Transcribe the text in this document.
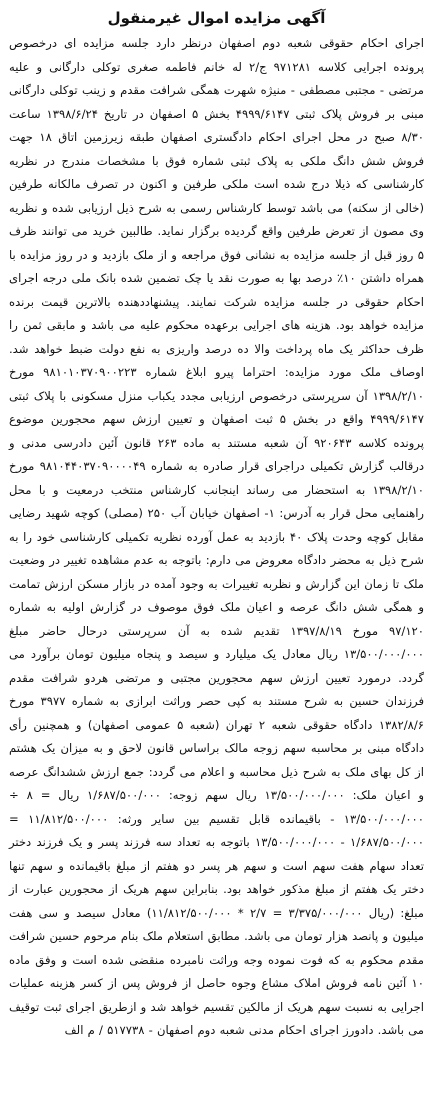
آگهی مزایده اموال غیرمنقول

اجرای احکام حقوقی شعبه دوم اصفهان درنظر دارد جلسه مزایده ای درخصوص پرونده اجرایی کلاسه ۹۷۱۲۸۱ ج/۲ له خانم فاطمه صغری توکلی دارگانی و علیه مرتضی - مجتبی مصطفی - منیژه شهرت همگی شرافت مقدم و زینب توکلی دارگانی مبنی بر فروش پلاک ثبتی ۴۹۹۹/۶۱۴۷ بخش ۵ اصفهان در تاریخ ۱۳۹۸/۶/۲۴ ساعت ۸/۳۰ صبح در محل اجرای احکام دادگستری اصفهان طبقه زیرزمین اتاق ۱۸ جهت فروش شش دانگ ملکی به پلاک ثبتی شماره فوق با مشخصات مندرج در نظریه کارشناسی که ذیلا درج شده است ملکی طرفین و اکنون در تصرف مالکانه طرفین (خالی از سکنه) می باشد توسط کارشناس رسمی به شرح ذیل ارزیابی شده و نظریه وی مصون از تعرض طرفین واقع گردیده برگزار نماید. طالبین خرید می توانند ظرف ۵ روز قبل از جلسه مزایده به نشانی فوق مراجعه و از ملک بازدید و در روز مزایده با همراه داشتن ۱۰٪ درصد بها به صورت نقد یا چک تضمین شده بانک ملی درجه اجرای احکام حقوقی در جلسه مزایده شرکت نمایند. پیشنهاددهنده بالاترین قیمت برنده مزایده خواهد بود. هزینه های اجرایی برعهده محکوم علیه می باشد و مابقی ثمن را ظرف حداکثر یک ماه پرداخت والا ده درصد واریزی به نفع دولت ضبط خواهد شد. اوصاف ملک مورد مزایده: احتراما پیرو ابلاغ شماره ۹۸۱۰۱۰۳۷۰۹۰۰۲۲۳ مورخ ۱۳۹۸/۲/۱۰ آن سرپرستی درخصوص ارزیابی مجدد یکباب منزل مسکونی با پلاک ثبتی ۴۹۹۹/۶۱۴۷ واقع در بخش ۵ ثبت اصفهان و تعیین ارزش سهم محجورین موضوع پرونده کلاسه ۹۲۰۶۴۳ آن شعبه مستند به ماده ۲۶۳ قانون آئین دادرسی مدنی و درقالب گزارش تکمیلی دراجرای قرار صادره به شماره ۹۸۱۰۴۴۰۳۷۰۹۰۰۰۰۴۹ مورخ ۱۳۹۸/۲/۱۰ به استحضار می رساند اینجانب کارشناس منتخب درمعیت و با محل راهنمایی محل قرار به آدرس: ۱- اصفهان خیابان آب ۲۵۰ (مصلی) کوچه شهید رضایی مقابل کوچه وحدت پلاک ۴۰ بازدید به عمل آورده نظریه تکمیلی کارشناسی خود را به شرح ذیل به محضر دادگاه معروض می دارم: باتوجه به عدم مشاهده تغییر در وضعیت ملک تا زمان این گزارش و نظربه تغییرات به وجود آمده در بازار مسکن ارزش تمامت و همگی شش دانگ عرصه و اعیان ملک فوق موصوف در گزارش اولیه به شماره ۹۷/۱۲۰ مورخ ۱۳۹۷/۸/۱۹ تقدیم شده به آن سرپرستی درحال حاضر مبلغ ۱۳/۵۰۰/۰۰۰/۰۰۰ ریال معادل یک میلیارد و سیصد و پنجاه میلیون تومان برآورد می گردد. درمورد تعیین ارزش سهم محجورین مجتبی و مرتضی هردو شرافت مقدم فرزندان حسین به شرح مستند به کپی حصر وراثت ابرازی به شماره ۳۹۷۷ مورخ ۱۳۸۲/۸/۶ دادگاه حقوقی شعبه ۲ تهران (شعبه ۵ عمومی اصفهان) و همچنین رأی دادگاه مبنی بر محاسبه سهم زوجه مالک براساس قانون لاحق و به میزان یک هشتم از کل بهای ملک به شرح ذیل محاسبه و اعلام می گردد: جمع ارزش ششدانگ عرصه و اعیان ملک: ۱۳/۵۰۰/۰۰۰/۰۰۰ ریال سهم زوجه: ۱/۶۸۷/۵۰۰/۰۰۰ ریال = ۸ ÷ ۱۳/۵۰۰/۰۰۰/۰۰۰ - باقیمانده قابل تقسیم بین سایر ورثه: ۱۱/۸۱۲/۵۰۰/۰۰۰ = ۱/۶۸۷/۵۰۰/۰۰۰ - ۱۳/۵۰۰/۰۰۰/۰۰۰ باتوجه به تعداد سه فرزند پسر و یک فرزند دختر تعداد سهام هفت سهم است و سهم هر پسر دو هفتم از مبلغ باقیمانده و سهم تنها دختر یک هفتم از مبلغ مذکور خواهد بود. بنابراین سهم هریک از محجورین عبارت از مبلغ: (ریال ۳/۳۷۵/۰۰۰/۰۰۰ = ۲/۷ * ۱۱/۸۱۲/۵۰۰/۰۰۰) معادل سیصد و سی هفت میلیون و پانصد هزار تومان می باشد. مطابق استعلام ملک بنام مرحوم حسین شرافت مقدم محکوم به که فوت نموده وجه وراثت نامبرده منقضی شده است و وفق ماده ۱۰ آئین نامه فروش املاک مشاع وجوه حاصل از فروش پس از کسر هزینه عملیات اجرایی به نسبت سهم هریک از مالکین تقسیم خواهد شد و ازطریق اجرای ثبت توقیف می باشد. دادورز اجرای احکام مدنی شعبه دوم اصفهان - ۵۱۷۷۳۸ / م الف
